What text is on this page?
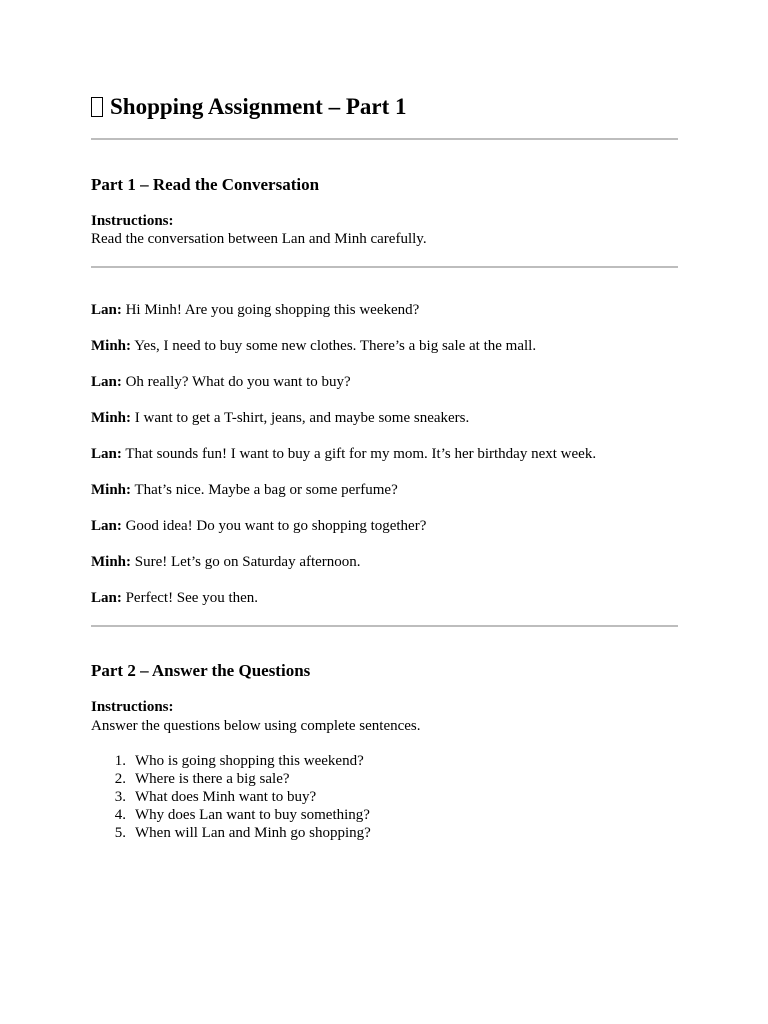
Shopping Assignment – Part 1
Part 1 – Read the Conversation
Instructions:
Read the conversation between Lan and Minh carefully.
Lan: Hi Minh! Are you going shopping this weekend?
Minh: Yes, I need to buy some new clothes. There’s a big sale at the mall.
Lan: Oh really? What do you want to buy?
Minh: I want to get a T-shirt, jeans, and maybe some sneakers.
Lan: That sounds fun! I want to buy a gift for my mom. It’s her birthday next week.
Minh: That’s nice. Maybe a bag or some perfume?
Lan: Good idea! Do you want to go shopping together?
Minh: Sure! Let’s go on Saturday afternoon.
Lan: Perfect! See you then.
Part 2 – Answer the Questions
Instructions:
Answer the questions below using complete sentences.
1. Who is going shopping this weekend?
2. Where is there a big sale?
3. What does Minh want to buy?
4. Why does Lan want to buy something?
5. When will Lan and Minh go shopping?
